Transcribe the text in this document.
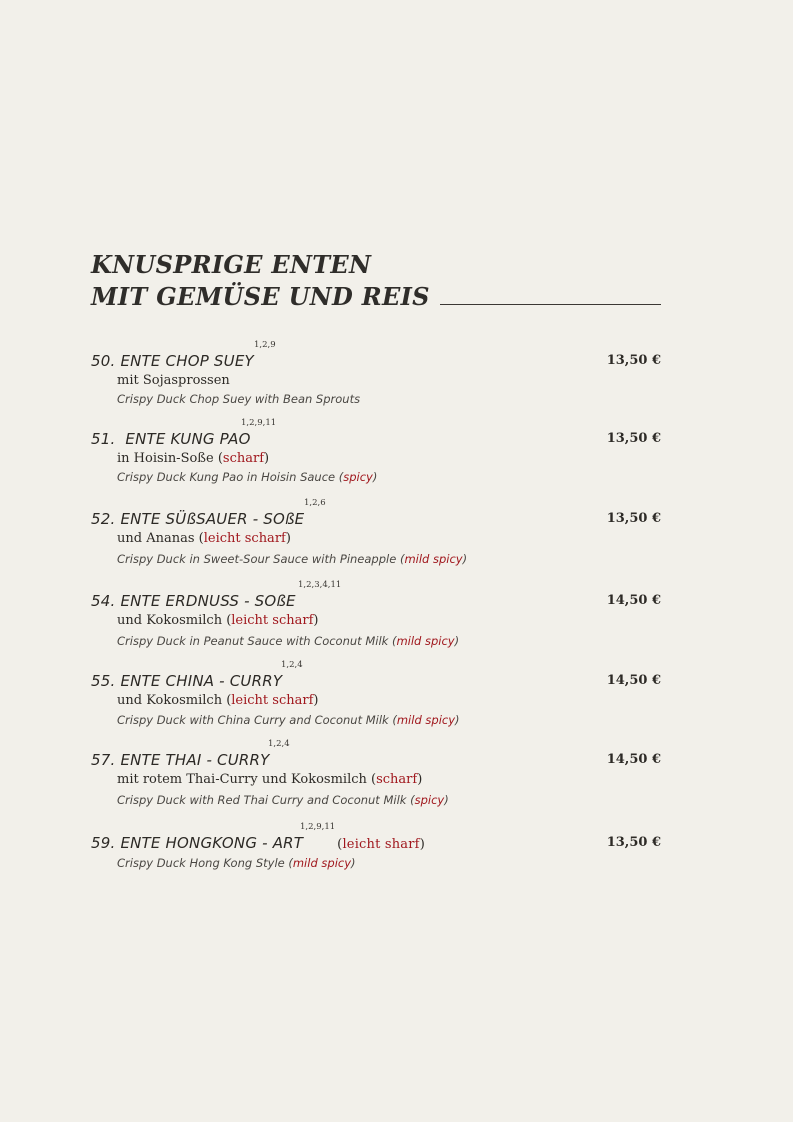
KNUSPRIGE ENTEN
MIT GEMÜSE UND REIS
50. ENTE CHOP SUEY
1,2,9
13,50 €
mit Sojasprossen
Crispy Duck Chop Suey with Bean Sprouts
51. ENTE KUNG PAO
1,2,9,11
13,50 €
in Hoisin-Soße (scharf)
Crispy Duck Kung Pao in Hoisin Sauce (spicy)
52. ENTE SÜßSAUER - SOßE
1,2,6
13,50 €
und Ananas (leicht scharf)
Crispy Duck in Sweet-Sour Sauce with Pineapple (mild spicy)
54. ENTE ERDNUSS - SOßE
1,2,3,4,11
14,50 €
und Kokosmilch (leicht scharf)
Crispy Duck in Peanut Sauce with Coconut Milk (mild spicy)
55. ENTE CHINA - CURRY
1,2,4
14,50 €
und Kokosmilch (leicht scharf)
Crispy Duck with China Curry and Coconut Milk (mild spicy)
57. ENTE THAI - CURRY
1,2,4
14,50 €
mit rotem Thai-Curry und Kokosmilch (scharf)
Crispy Duck with Red Thai Curry and Coconut Milk (spicy)
59. ENTE HONGKONG - ART	(leicht sharf)
1,2,9,11
13,50 €
Crispy Duck Hong Kong Style (mild spicy)
